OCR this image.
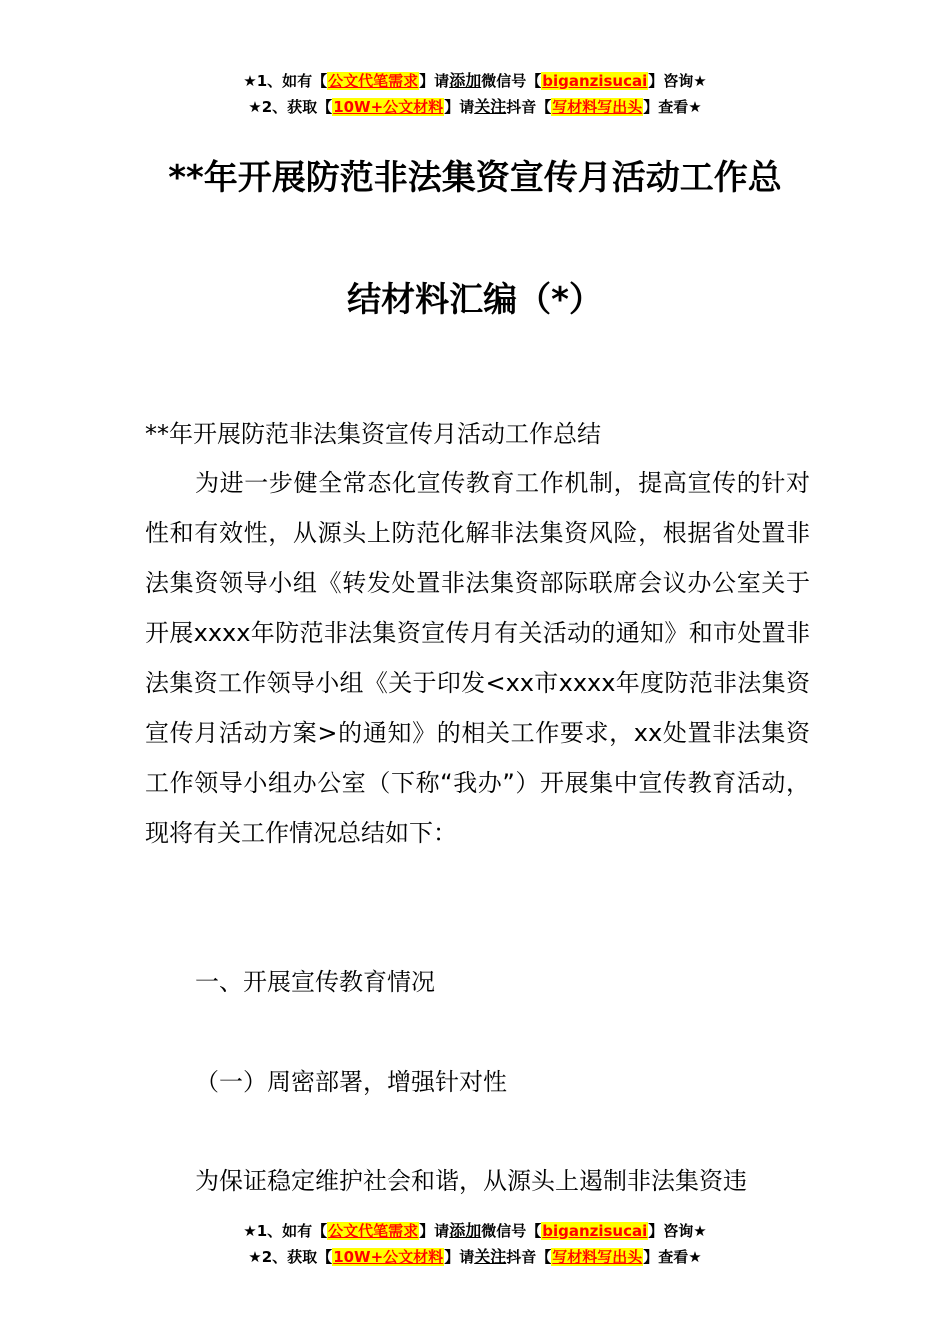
★1、如有【公文代笔需求】请添加微信号【biganzisucai】咨询★
★2、获取【10W+公文材料】请关注抖音【写材料写出头】查看★
**年开展防范非法集资宣传月活动工作总
结材料汇编（*）
**年开展防范非法集资宣传月活动工作总结
为进一步健全常态化宣传教育工作机制，提高宣传的针对性和有效性，从源头上防范化解非法集资风险，根据省处置非法集资领导小组《转发处置非法集资部际联席会议办公室关于开展xxxx年防范非法集资宣传月有关活动的通知》和市处置非法集资工作领导小组《关于印发<xx市xxxx年度防范非法集资宣传月活动方案>的通知》的相关工作要求，xx处置非法集资工作领导小组办公室（下称“我办”）开展集中宣传教育活动，现将有关工作情况总结如下：
一、开展宣传教育情况
（一）周密部署，增强针对性
为保证稳定维护社会和谐，从源头上遏制非法集资违
★1、如有【公文代笔需求】请添加微信号【biganzisucai】咨询★
★2、获取【10W+公文材料】请关注抖音【写材料写出头】查看★
